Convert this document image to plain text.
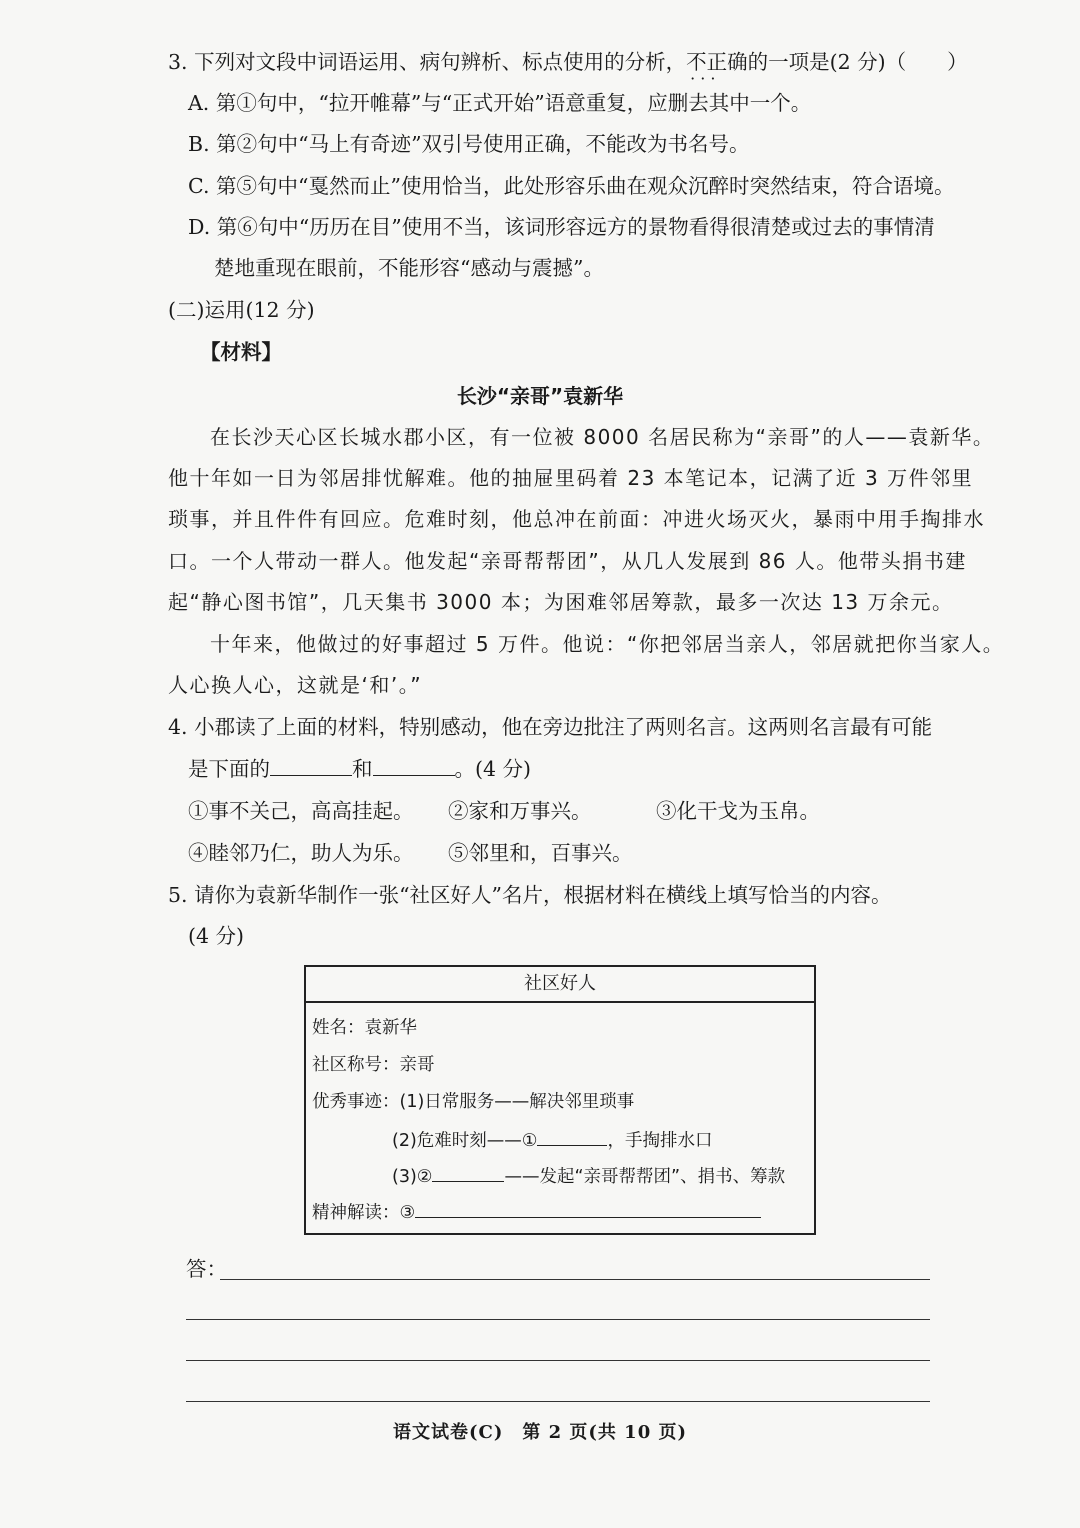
3. 下列对文段中词语运用、病句辨析、标点使用的分析，不正确 · · ·的一项是(2 分)（　　）
A. 第①句中，“拉开帷幕”与“正式开始”语意重复，应删去其中一个。
B. 第②句中“马上有奇迹”双引号使用正确，不能改为书名号。
C. 第⑤句中“戛然而止”使用恰当，此处形容乐曲在观众沉醉时突然结束，符合语境。
D. 第⑥句中“历历在目”使用不当，该词形容远方的景物看得很清楚或过去的事情清
楚地重现在眼前，不能形容“感动与震撼”。
(二)运用(12 分)
【材料】
长沙“亲哥”袁新华
在长沙天心区长城水郡小区，有一位被 8000 名居民称为“亲哥”的人——袁新华。
他十年如一日为邻居排忧解难。他的抽屉里码着 23 本笔记本，记满了近 3 万件邻里
琐事，并且件件有回应。危难时刻，他总冲在前面：冲进火场灭火，暴雨中用手掏排水
口。一个人带动一群人。他发起“亲哥帮帮团”，从几人发展到 86 人。他带头捐书建
起“静心图书馆”，几天集书 3000 本；为困难邻居筹款，最多一次达 13 万余元。
十年来，他做过的好事超过 5 万件。他说：“你把邻居当亲人，邻居就把你当家人。
人心换人心，这就是‘和’。”
4. 小郡读了上面的材料，特别感动，他在旁边批注了两则名言。这两则名言最有可能
是下面的	和	。(4 分)
①事不关己，高高挂起。 ②家和万事兴。	③化干戈为玉帛。
④睦邻乃仁，助人为乐。 ⑤邻里和，百事兴。
5. 请你为袁新华制作一张“社区好人”名片，根据材料在横线上填写恰当的内容。
(4 分)
社区好人
姓名：袁新华
社区称号：亲哥
优秀事迹：(1)日常服务——解决邻里琐事
(2)危难时刻——①	，手掏排水口
(3)②	——发起“亲哥帮帮团”、捐书、筹款
精神解读：③
答：
语文试卷(C)　第 2 页(共 10 页)
